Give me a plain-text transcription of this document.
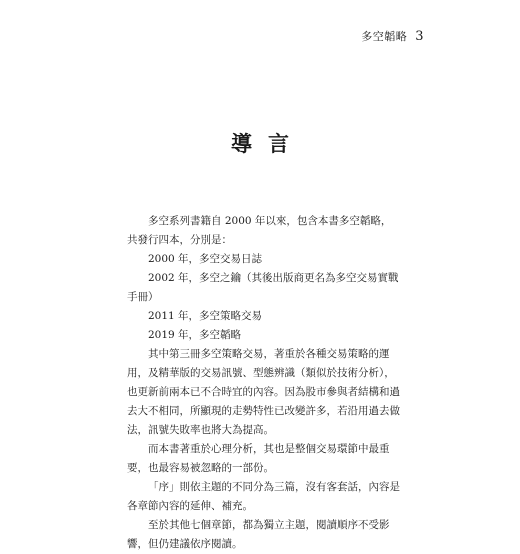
多空韜略 3
導言

多空系列書籍自 2000 年以來，包含本書多空韜略，共發行四本，分別是：

2000 年，多空交易日誌

2002 年，多空之鑰（其後出版商更名為多空交易實戰手冊）

2011 年，多空策略交易

2019 年，多空韜略

其中第三冊多空策略交易，著重於各種交易策略的運用，及精華版的交易訊號、型態辨識（類似於技術分析），也更新前兩本已不合時宜的內容。因為股市參與者結構和過去大不相同，所顯現的走勢特性已改變許多，若沿用過去做法，訊號失敗率也將大為提高。

而本書著重於心理分析，其也是整個交易環節中最重要，也最容易被忽略的一部份。

「序」則依主題的不同分為三篇，沒有客套話，內容是各章節內容的延伸、補充。

至於其他七個章節，都為獨立主題，閱讀順序不受影響，但仍建議依序閱讀。
